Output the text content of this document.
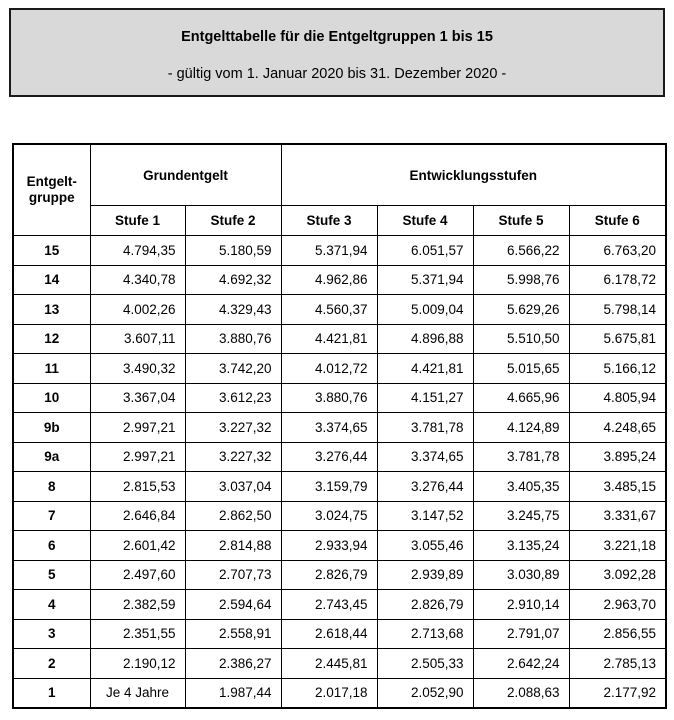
Entgelttabelle für die Entgeltgruppen 1 bis 15
- gültig vom 1. Januar 2020 bis 31. Dezember 2020 -
Entgelt-
gruppe	Grundentgelt		Entwicklungsstufen			
	Stufe 1	Stufe 2	Stufe 3	Stufe 4	Stufe 5	Stufe 6
15	4.794,35	5.180,59	5.371,94	6.051,57	6.566,22	6.763,20
14	4.340,78	4.692,32	4.962,86	5.371,94	5.998,76	6.178,72
13	4.002,26	4.329,43	4.560,37	5.009,04	5.629,26	5.798,14
12	3.607,11	3.880,76	4.421,81	4.896,88	5.510,50	5.675,81
11	3.490,32	3.742,20	4.012,72	4.421,81	5.015,65	5.166,12
10	3.367,04	3.612,23	3.880,76	4.151,27	4.665,96	4.805,94
9b	2.997,21	3.227,32	3.374,65	3.781,78	4.124,89	4.248,65
9a	2.997,21	3.227,32	3.276,44	3.374,65	3.781,78	3.895,24
8	2.815,53	3.037,04	3.159,79	3.276,44	3.405,35	3.485,15
7	2.646,84	2.862,50	3.024,75	3.147,52	3.245,75	3.331,67
6	2.601,42	2.814,88	2.933,94	3.055,46	3.135,24	3.221,18
5	2.497,60	2.707,73	2.826,79	2.939,89	3.030,89	3.092,28
4	2.382,59	2.594,64	2.743,45	2.826,79	2.910,14	2.963,70
3	2.351,55	2.558,91	2.618,44	2.713,68	2.791,07	2.856,55
2	2.190,12	2.386,27	2.445,81	2.505,33	2.642,24	2.785,13
1	Je 4 Jahre	1.987,44	2.017,18	2.052,90	2.088,63	2.177,92
